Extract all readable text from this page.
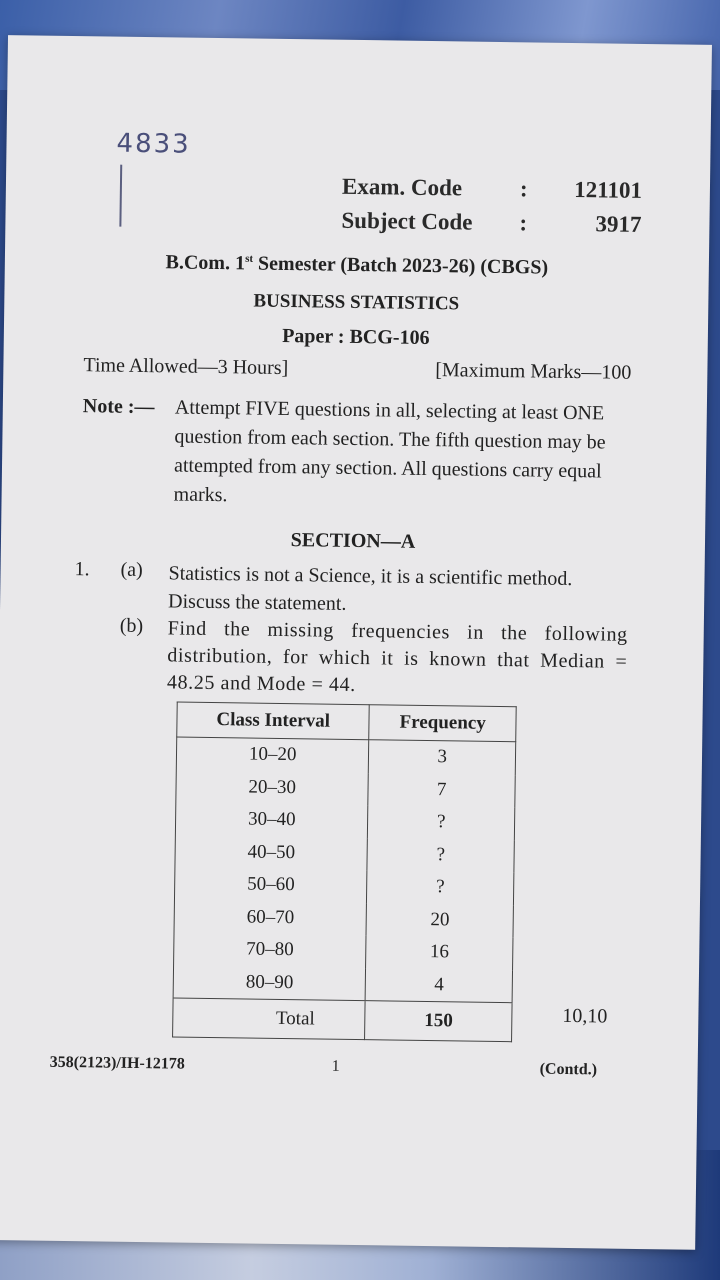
4833
Exam. Code	: 121101
Subject Code :	3917
B.Com. 1st Semester (Batch 2023-26) (CBGS)
BUSINESS STATISTICS
Paper : BCG-106
Time Allowed—3 Hours]	[Maximum Marks—100
Note :— Attempt FIVE questions in all, selecting at least ONE question from each section. The fifth question may be attempted from any section. All questions carry equal marks.
SECTION—A
1. (a) Statistics is not a Science, it is a scientific method. Discuss the statement.
(b) Find the missing frequencies in the following distribution, for which it is known that Median = 48.25 and Mode = 44.
Class Interval	Frequency
10–20	3
20–30	7
30–40	?
40–50	?
50–60	?
60–70	20
70–80	16
80–90	4
Total	150	10,10
358(2123)/IH-12178	1	(Contd.)
